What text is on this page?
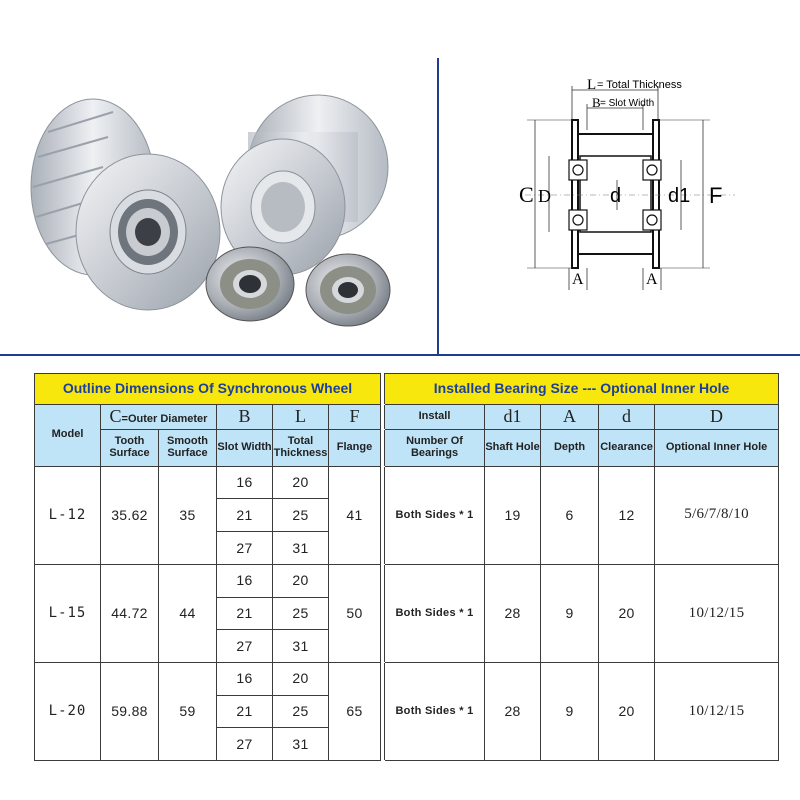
L = Total Thickness
B = Slot Width
C D	d d1 F
A	A
Outline Dimensions Of Synchronous Wheel							Installed Bearing Size --- Optional Inner Hole				
Model	C=Outer Diameter		B	L	F		Install	d1	A	d	D
	Tooth Surface	Smooth Surface	Slot Width	Total Thickness	Flange		Number Of Bearings	Shaft Hole	Depth	Clearance	Optional Inner Hole
L-12	35.62	35	16	20	41		Both Sides * 1	19	6	12	5/6/7/8/10
			21	25							
			27	31							
L-15	44.72	44	16	20	50		Both Sides * 1	28	9	20	10/12/15
			21	25							
			27	31							
L-20	59.88	59	16	20	65		Both Sides * 1	28	9	20	10/12/15
			21	25							
			27	31							
